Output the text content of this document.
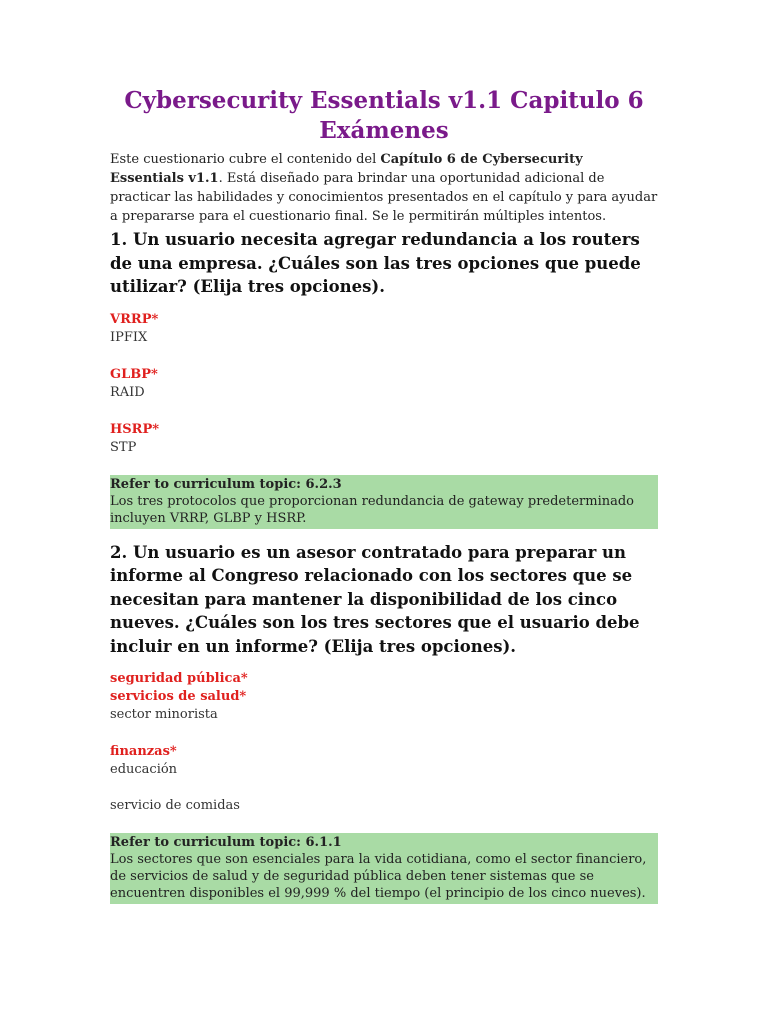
Cybersecurity Essentials v1.1 Capitulo 6 Exámenes

Este cuestionario cubre el contenido del Capítulo 6 de Cybersecurity Essentials v1.1. Está diseñado para brindar una oportunidad adicional de practicar las habilidades y conocimientos presentados en el capítulo y para ayudar a prepararse para el cuestionario final. Se le permitirán múltiples intentos.

1. Un usuario necesita agregar redundancia a los routers de una empresa. ¿Cuáles son las tres opciones que puede utilizar? (Elija tres opciones).

VRRP*

IPFIX

GLBP*

RAID

HSRP*

STP

Refer to curriculum topic: 6.2.3
Los tres protocolos que proporcionan redundancia de gateway predeterminado incluyen VRRP, GLBP y HSRP.

2. Un usuario es un asesor contratado para preparar un informe al Congreso relacionado con los sectores que se necesitan para mantener la disponibilidad de los cinco nueves. ¿Cuáles son los tres sectores que el usuario debe incluir en un informe? (Elija tres opciones).

seguridad pública*

servicios de salud*

sector minorista

finanzas*

educación

servicio de comidas

Refer to curriculum topic: 6.1.1
Los sectores que son esenciales para la vida cotidiana, como el sector financiero, de servicios de salud y de seguridad pública deben tener sistemas que se encuentren disponibles el 99,999 % del tiempo (el principio de los cinco nueves).
